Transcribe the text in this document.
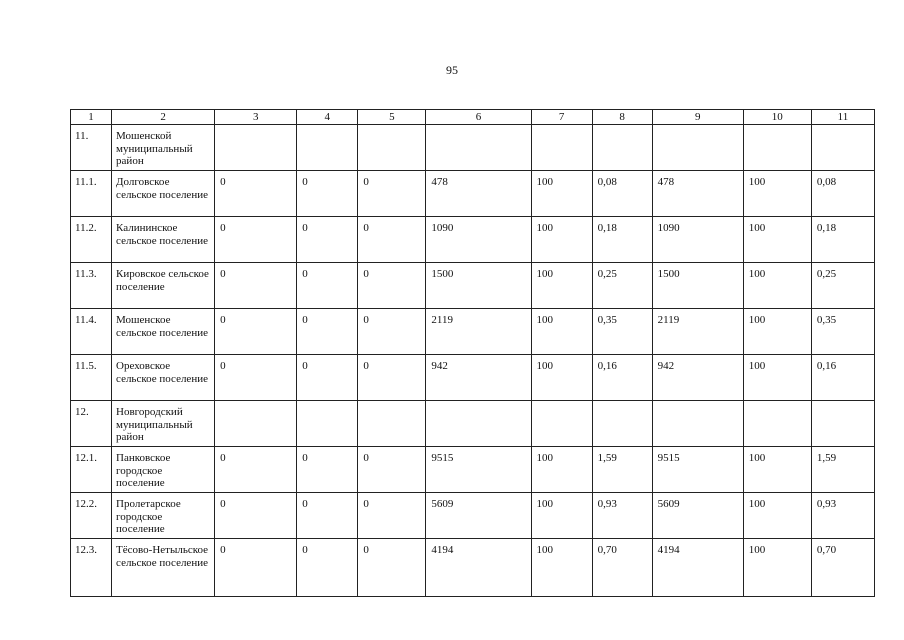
95
1	2	3	4	5	6	7	8	9	10	11
11.	Мошенской муниципальный район									
11.1.	Долговское сельское поселение	0	0	0	478	100	0,08	478	100	0,08
11.2.	Калининское сельское поселение	0	0	0	1090	100	0,18	1090	100	0,18
11.3.	Кировское сельское поселение	0	0	0	1500	100	0,25	1500	100	0,25
11.4.	Мошенское сельское поселение	0	0	0	2119	100	0,35	2119	100	0,35
11.5.	Ореховское сельское поселение	0	0	0	942	100	0,16	942	100	0,16
12.	Новгородский муниципальный район									
12.1.	Панковское городское поселение	0	0	0	9515	100	1,59	9515	100	1,59
12.2.	Пролетарское городское поселение	0	0	0	5609	100	0,93	5609	100	0,93
12.3.	Тёсово-Нетыльское сельское поселение	0	0	0	4194	100	0,70	4194	100	0,70
